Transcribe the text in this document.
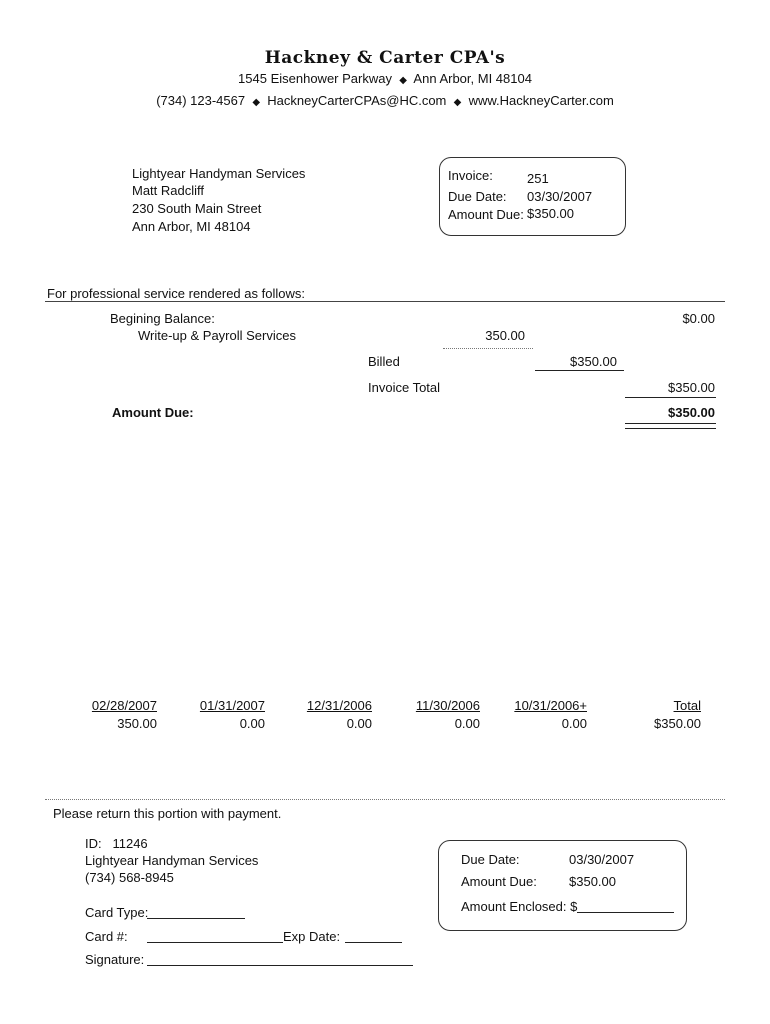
Hackney & Carter CPA's
1545 Eisenhower Parkway ◆ Ann Arbor, MI 48104
(734) 123-4567 ◆ HackneyCarterCPAs@HC.com ◆ www.HackneyCarter.com
Lightyear Handyman Services
Matt Radcliff
230 South Main Street
Ann Arbor, MI 48104
Invoice:	251
Due Date: 03/30/2007
Amount Due: $350.00
For professional service rendered as follows:
Begining Balance:	$0.00
Write-up & Payroll Services	350.00
Billed	$350.00
Invoice Total	$350.00
Amount Due:	$350.00
02/28/2007	01/31/2007	12/31/2006	11/30/2006	10/31/2006+	Total
350.00	0.00	0.00	0.00	0.00	$350.00
Please return this portion with payment.
ID: 11246
Lightyear Handyman Services
(734) 568-8945
Card Type:
Card #:	Exp Date:
Signature:
Due Date:	03/30/2007
Amount Due: $350.00
Amount Enclosed: $
